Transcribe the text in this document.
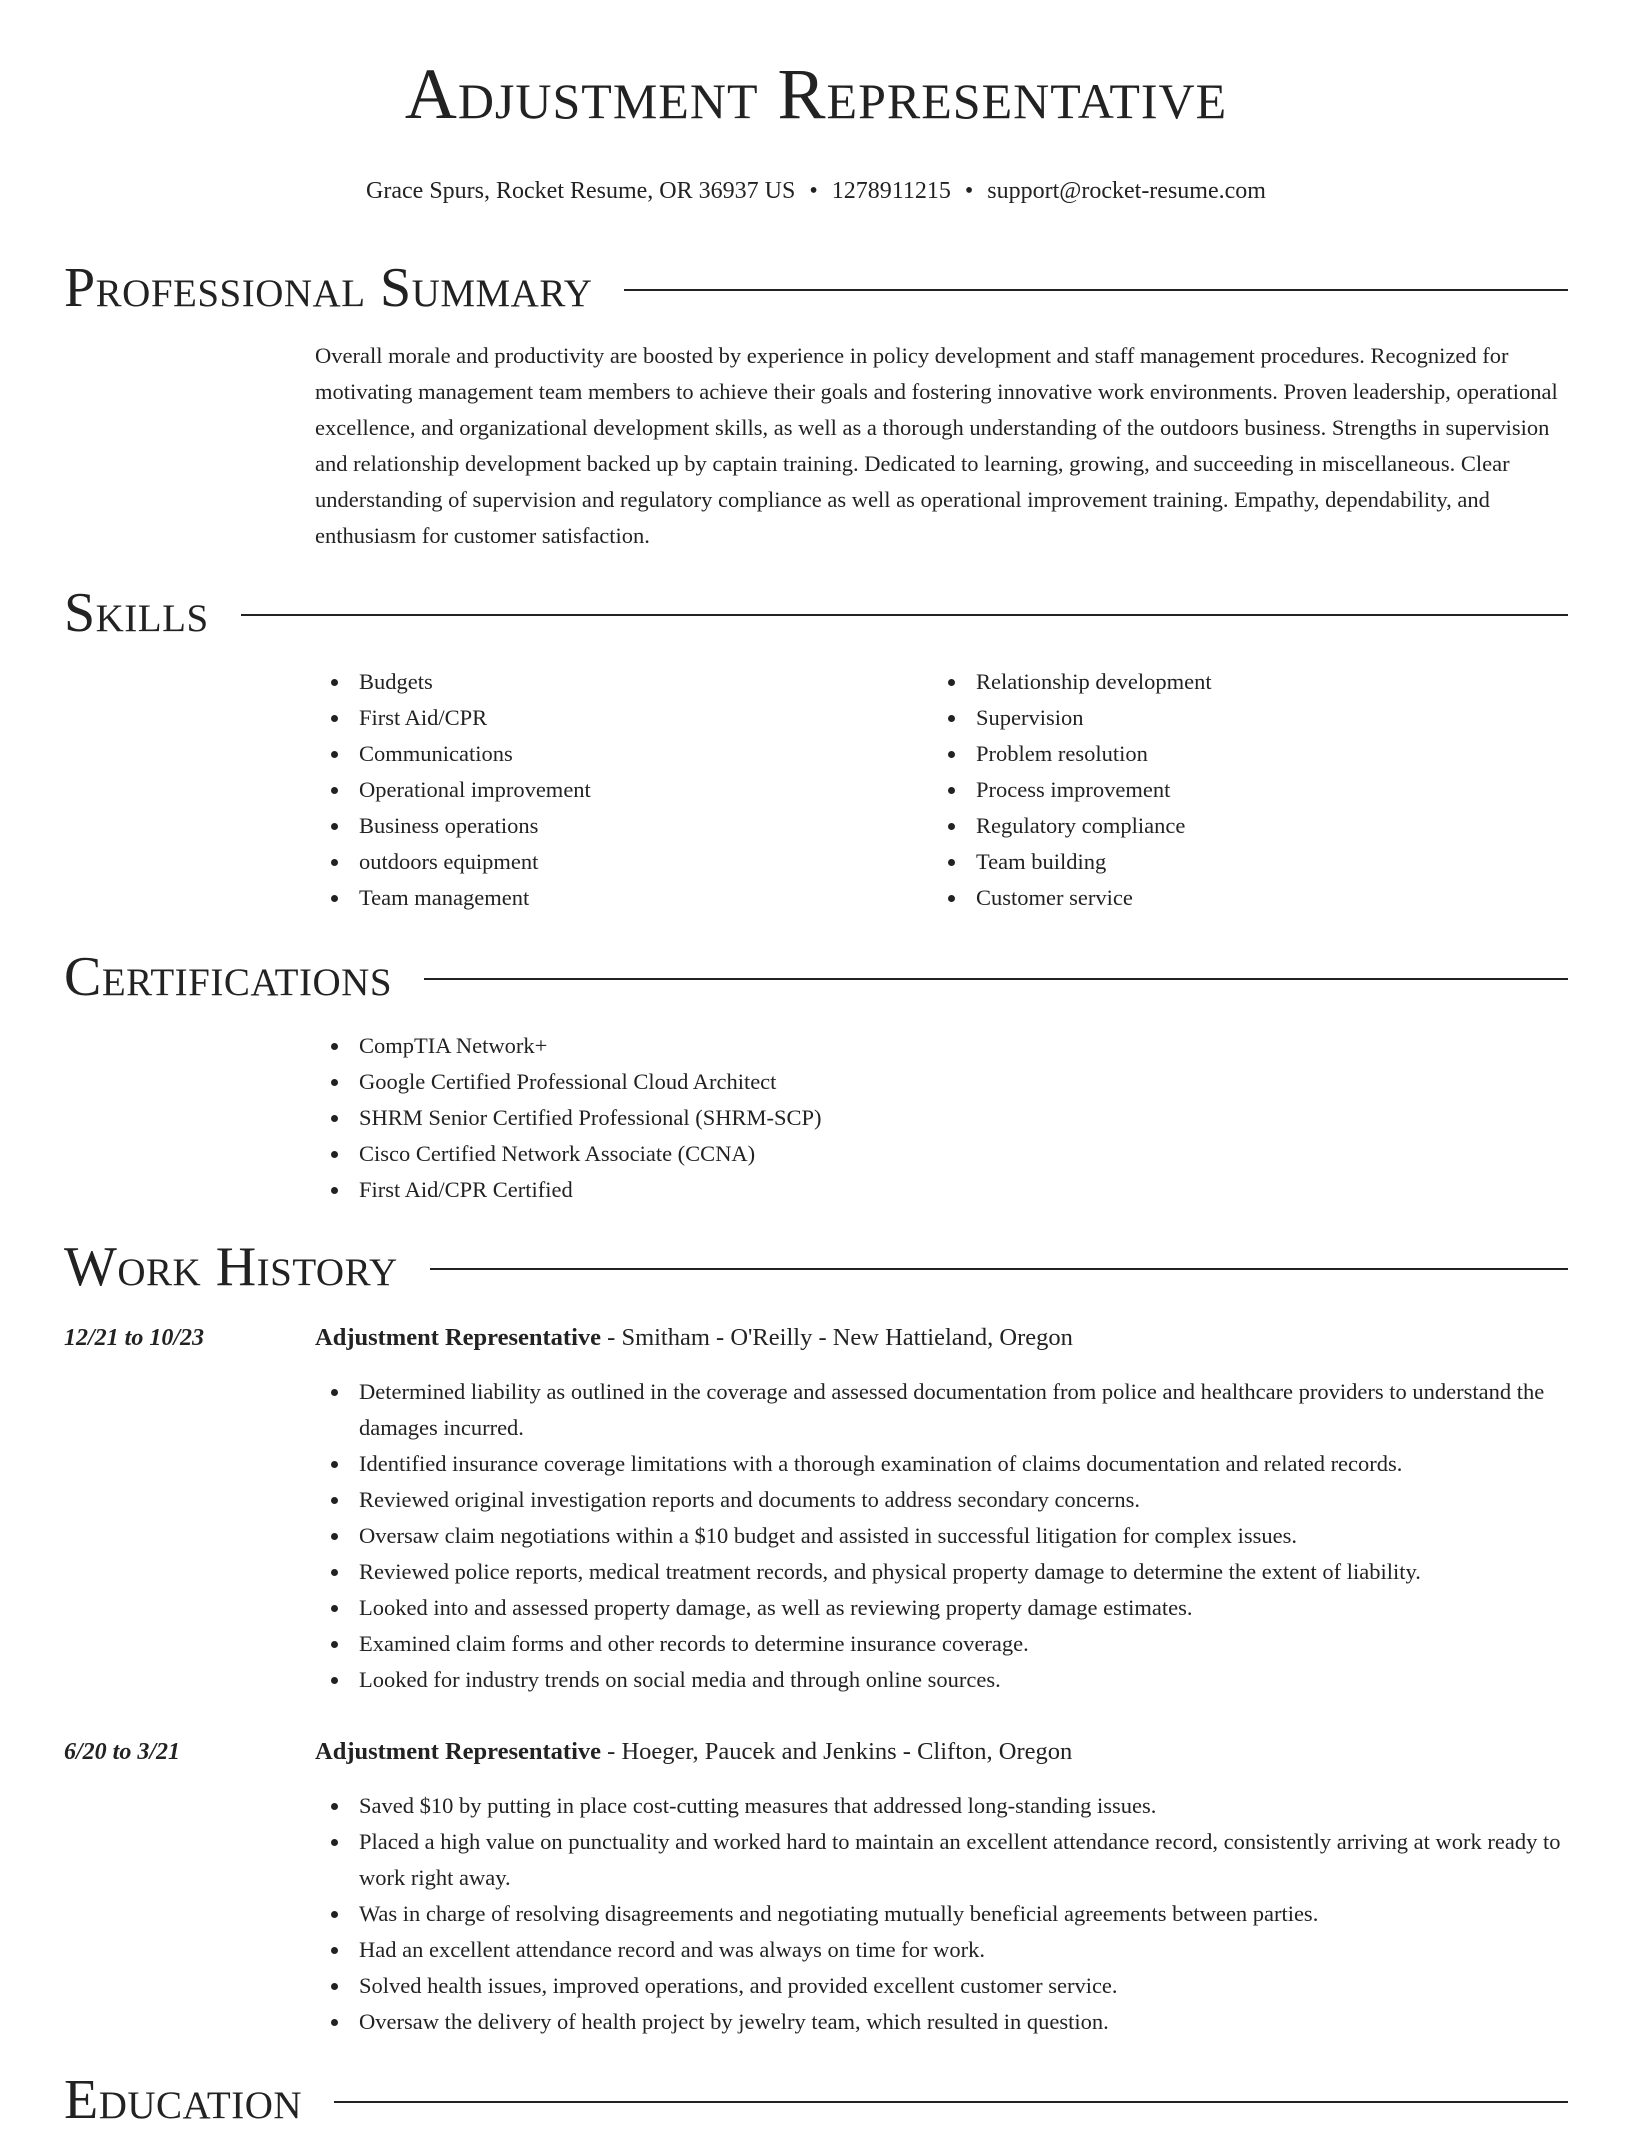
Adjustment Representative
Grace Spurs, Rocket Resume, OR 36937 US • 1278911215 • support@rocket-resume.com
Professional Summary

Overall morale and productivity are boosted by experience in policy development and staff management procedures. Recognized for motivating management team members to achieve their goals and fostering innovative work environments. Proven leadership, operational excellence, and organizational development skills, as well as a thorough understanding of the outdoors business. Strengths in supervision and relationship development backed up by captain training. Dedicated to learning, growing, and succeeding in miscellaneous. Clear understanding of supervision and regulatory compliance as well as operational improvement training. Empathy, dependability, and enthusiasm for customer satisfaction.

Skills
Budgets
First Aid/CPR
Communications
Operational improvement
Business operations
outdoors equipment
Team management
Relationship development
Supervision
Problem resolution
Process improvement
Regulatory compliance
Team building
Customer service
Certifications
CompTIA Network+
Google Certified Professional Cloud Architect
SHRM Senior Certified Professional (SHRM-SCP)
Cisco Certified Network Associate (CCNA)
First Aid/CPR Certified
Work History
12/21 to 10/23	Adjustment Representative - Smitham - O'Reilly - New Hattieland, Oregon
Determined liability as outlined in the coverage and assessed documentation from police and healthcare providers to understand the damages incurred.
Identified insurance coverage limitations with a thorough examination of claims documentation and related records.
Reviewed original investigation reports and documents to address secondary concerns.
Oversaw claim negotiations within a $10 budget and assisted in successful litigation for complex issues.
Reviewed police reports, medical treatment records, and physical property damage to determine the extent of liability.
Looked into and assessed property damage, as well as reviewing property damage estimates.
Examined claim forms and other records to determine insurance coverage.
Looked for industry trends on social media and through online sources.
6/20 to 3/21	Adjustment Representative - Hoeger, Paucek and Jenkins - Clifton, Oregon
Saved $10 by putting in place cost-cutting measures that addressed long-standing issues.
Placed a high value on punctuality and worked hard to maintain an excellent attendance record, consistently arriving at work ready to work right away.
Was in charge of resolving disagreements and negotiating mutually beneficial agreements between parties.
Had an excellent attendance record and was always on time for work.
Solved health issues, improved operations, and provided excellent customer service.
Oversaw the delivery of health project by jewelry team, which resulted in question.
Education
